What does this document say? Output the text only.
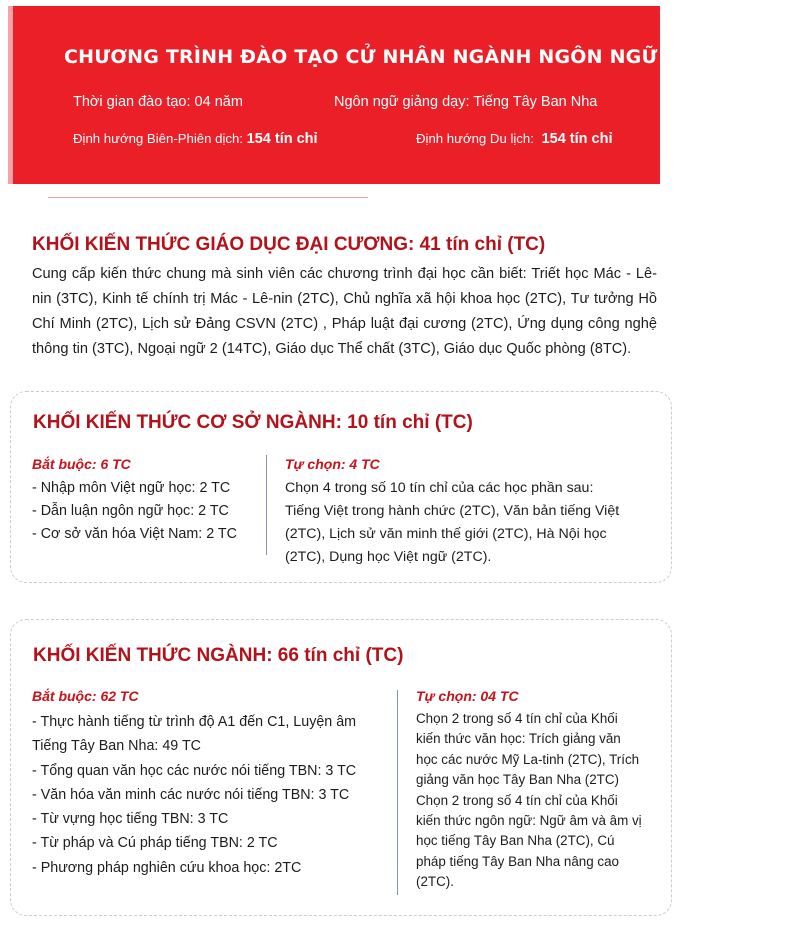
CHƯƠNG TRÌNH ĐÀO TẠO CỬ NHÂN NGÀNH NGÔN NGỮ TÂY BAN NHA
Thời gian đào tạo: 04 năm	Ngôn ngữ giảng dạy: Tiếng Tây Ban Nha
Định hướng Biên-Phiên dịch: 154 tín chỉ	Định hướng Du lịch: 154 tín chỉ
KHỐI KIẾN THỨC GIÁO DỤC ĐẠI CƯƠNG: 41 tín chỉ (TC)
Cung cấp kiến thức chung mà sinh viên các chương trình đại học cần biết: Triết học Mác - Lê-nin (3TC), Kinh tế chính trị Mác - Lê-nin (2TC), Chủ nghĩa xã hội khoa học (2TC), Tư tưởng Hồ Chí Minh (2TC), Lịch sử Đảng CSVN (2TC) , Pháp luật đại cương (2TC), Ứng dụng công nghệ thông tin (3TC), Ngoại ngữ 2 (14TC), Giáo dục Thể chất (3TC), Giáo dục Quốc phòng (8TC).
KHỐI KIẾN THỨC CƠ SỞ NGÀNH: 10 tín chỉ (TC)
Bắt buộc: 6 TC
- Nhập môn Việt ngữ học: 2 TC
- Dẫn luận ngôn ngữ học: 2 TC
- Cơ sở văn hóa Việt Nam: 2 TC
Tự chọn: 4 TC
Chọn 4 trong số 10 tín chỉ của các học phần sau:
Tiếng Việt trong hành chức (2TC), Văn bản tiếng Việt
(2TC), Lịch sử văn minh thế giới (2TC), Hà Nội học
(2TC), Dụng học Việt ngữ (2TC).
KHỐI KIẾN THỨC NGÀNH: 66 tín chỉ (TC)
Bắt buộc: 62 TC
- Thực hành tiếng từ trình độ A1 đến C1, Luyện âm
Tiếng Tây Ban Nha: 49 TC
- Tổng quan văn học các nước nói tiếng TBN: 3 TC
- Văn hóa văn minh các nước nói tiếng TBN: 3 TC
- Từ vựng học tiếng TBN: 3 TC
- Từ pháp và Cú pháp tiếng TBN: 2 TC
- Phương pháp nghiên cứu khoa học: 2TC
Tự chọn: 04 TC
Chọn 2 trong số 4 tín chỉ của Khối
kiến thức văn học: Trích giảng văn
học các nước Mỹ La-tinh (2TC), Trích
giảng văn học Tây Ban Nha (2TC)
Chọn 2 trong số 4 tín chỉ của Khối
kiến thức ngôn ngữ: Ngữ âm và âm vị
học tiếng Tây Ban Nha (2TC), Cú
pháp tiếng Tây Ban Nha nâng cao
(2TC).
